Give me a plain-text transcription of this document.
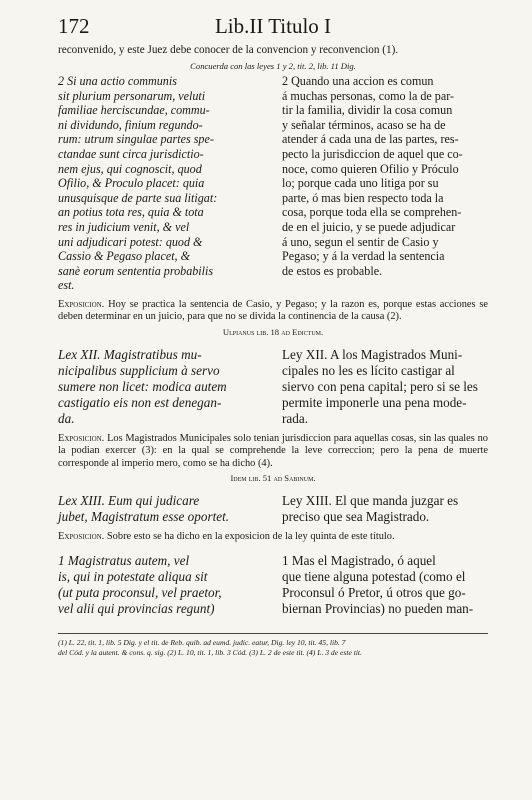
172	Lib.II Titulo I
reconvenido, y este Juez debe conocer de la convencion y reconvencion (1).
Concuerda con las leyes 1 y 2, tit. 2, lib. 11 Dig.
2 Si una actio communis
sit plurium personarum, veluti
familiae herciscundae, commu-
ni dividundo, finium regundo-
rum: utrum singulae partes spe-
ctandae sunt circa jurisdictio-
nem ejus, qui cognoscit, quod
Ofilio, & Proculo placet: quia
unusquisque de parte sua litigat:
an potius tota res, quia & tota
res in judicium venit, & vel
uni adjudicari potest: quod &
Cassio & Pegaso placet, &
sanè eorum sententia probabilis
est.
2 Quando una accion es comun
á muchas personas, como la de par-
tir la familia, dividir la cosa comun
y señalar términos, acaso se ha de
atender á cada una de las partes, res-
pecto la jurisdiccion de aquel que co-
noce, como quieren Ofilio y Próculo
lo; porque cada uno litiga por su
parte, ó mas bien respecto toda la
cosa, porque toda ella se comprehen-
de en el juicio, y se puede adjudicar
á uno, segun el sentir de Casio y
Pegaso; y á la verdad la sentencia
de estos es probable.
Exposicion. Hoy se practica la sentencia de Casio, y Pegaso; y la razon es, porque estas acciones se deben determinar en un juicio, para que no se divida la continencia de la causa (2).
Ulpianus lib. 18 ad Edictum.
Lex XII. Magistratibus mu-
nicipalibus supplicium à servo
sumere non licet: modica autem
castigatio eis non est denegan-
da.
Ley XII. A los Magistrados Muni-
cipales no les es lícito castigar al
siervo con pena capital; pero si se les
permite imponerle una pena mode-
rada.
Exposicion. Los Magistrados Municipales solo tenian jurisdiccion para aquellas cosas, sin las quales no la podian exercer (3): en la qual se comprehende la leve correccion; pero la pena de muerte corresponde al imperio mero, como se ha dicho (4).
Idem lib. 51 ad Sabinum.
Lex XIII. Eum qui judicare
jubet, Magistratum esse oportet.
Ley XIII. El que manda juzgar es
preciso que sea Magistrado.
Exposicion. Sobre esto se ha dicho en la exposicion de la ley quinta de este título.
1 Magistratus autem, vel
is, qui in potestate aliqua sit
(ut puta proconsul, vel praetor,
vel alii qui provincias regunt)
1 Mas el Magistrado, ó aquel
que tiene alguna potestad (como el
Proconsul ó Pretor, ú otros que go-
biernan Provincias) no pueden man-
(1) L. 22, tit. 1, lib. 5 Dig. y el tit. de Reb. quib. ad eumd. judic. eatur, Dig. ley 10, tit. 45, lib. 7
del Cód. y la autent. & cons. q. sig. (2) L. 10, tit. 1, lib. 3 Cód. (3) L. 2 de este tit. (4) L. 3 de este tit.
